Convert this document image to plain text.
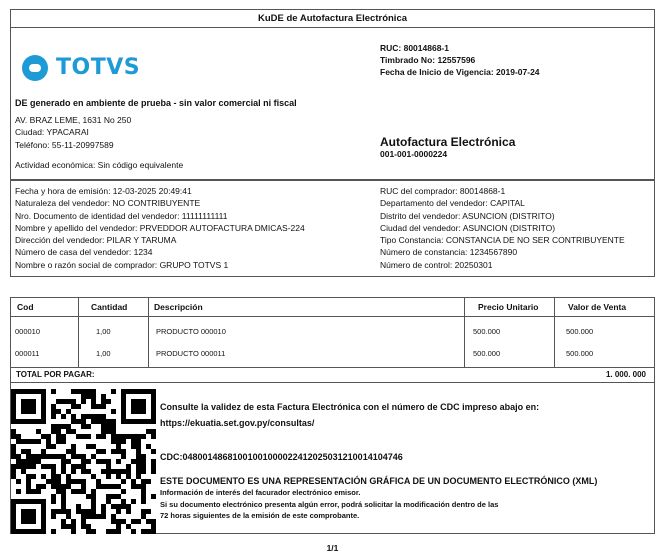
KuDE de Autofactura Electrónica
TOTVS
RUC: 80014868-1
Timbrado No: 12557596
Fecha de Inicio de Vigencia: 2019-07-24
DE generado en ambiente de prueba - sin valor comercial ni fiscal
AV. BRAZ LEME, 1631 No 250
Ciudad: YPACARAI
Teléfono: 55-11-20997589
Actividad económica: Sin código equivalente
Autofactura Electrónica
001-001-0000224
Fecha y hora de emisión: 12-03-2025 20:49:41
Naturaleza del vendedor: NO CONTRIBUYENTE
Nro. Documento de identidad del vendedor: 11111111111
Nombre y apellido del vendedor: PRVEDDOR AUTOFACTURA DMICAS-224
Dirección del vendedor: PILAR Y TARUMA
Número de casa del vendedor: 1234
Nombre o razón social de comprador: GRUPO TOTVS 1
RUC del comprador: 80014868-1
Departamento del vendedor: CAPITAL
Distrito del vendedor: ASUNCION (DISTRITO)
Ciudad del vendedor: ASUNCION (DISTRITO)
Tipo Constancia: CONSTANCIA DE NO SER CONTRIBUYENTE
Número de constancia: 1234567890
Número de control: 20250301
Cod	Cantidad	Descripción	Precio Unitario	Valor de Venta
000010	1,00	PRODUCTO 000010	500.000	500.000
000011	1,00	PRODUCTO 000011	500.000	500.000
TOTAL POR PAGAR:	1. 000. 000
Consulte la validez de esta Factura Electrónica con el número de CDC impreso abajo en:
https://ekuatia.set.gov.py/consultas/
CDC:04800148681001001000022412025031210014104746
ESTE DOCUMENTO ES UNA REPRESENTACIÓN GRÁFICA DE UN DOCUMENTO ELECTRÓNICO (XML)
Información de interés del facurador electrónico emisor.
Si su documento electrónico presenta algún error, podrá solicitar la modificación dentro de las
72 horas siguientes de la emisión de este comprobante.
1/1
